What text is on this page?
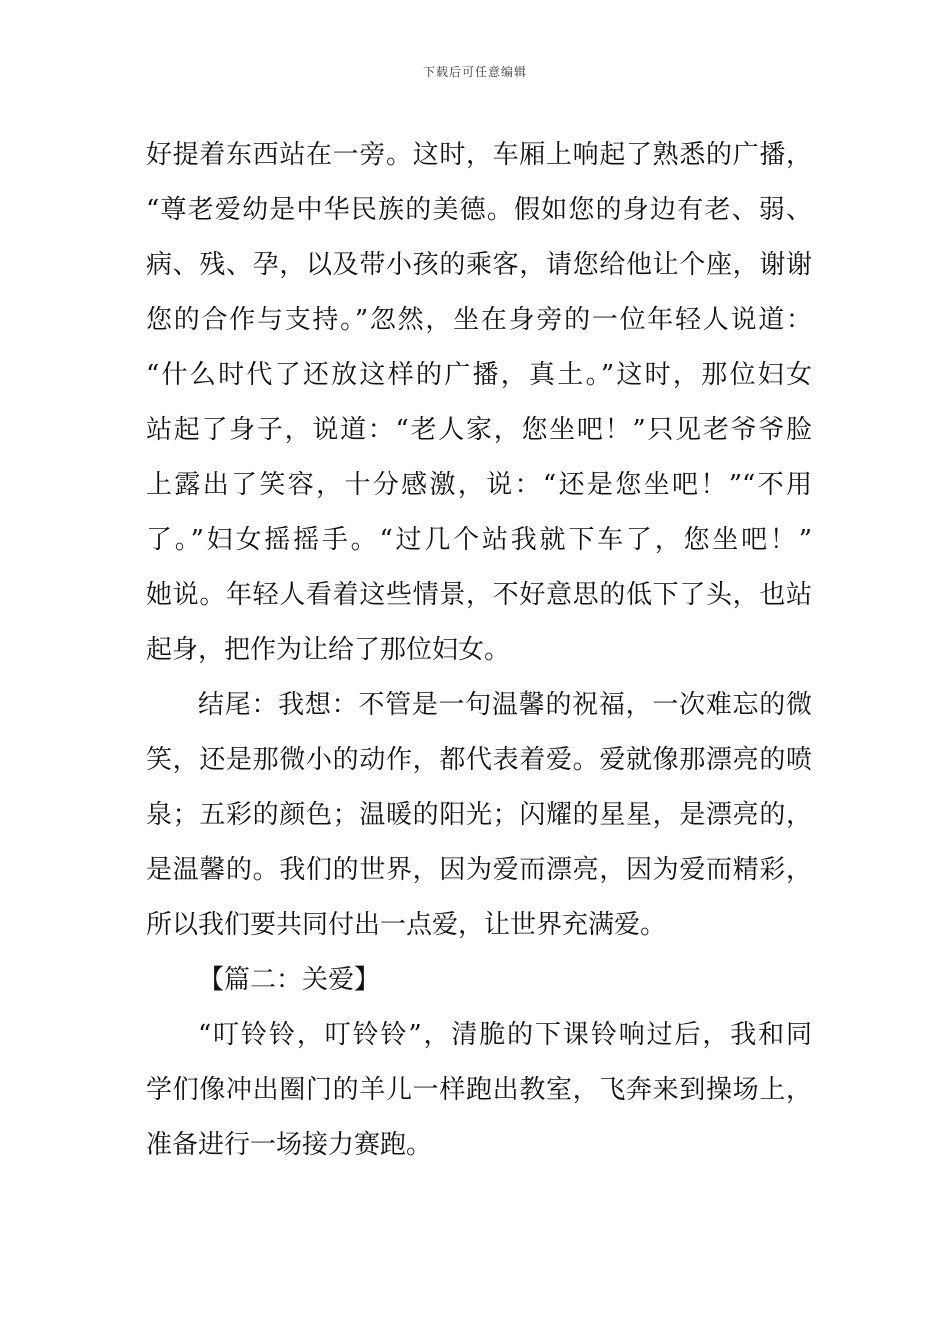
下载后可任意编辑
好提着东西站在一旁。这时，车厢上响起了熟悉的广播，
“尊老爱幼是中华民族的美德。假如您的身边有老、弱、
病、残、孕，以及带小孩的乘客，请您给他让个座，谢谢
您的合作与支持。”忽然，坐在身旁的一位年轻人说道：
“什么时代了还放这样的广播，真土。”这时，那位妇女
站起了身子，说道：“老人家，您坐吧！”只见老爷爷脸
上露出了笑容，十分感激，说：“还是您坐吧！”“不用
了。”妇女摇摇手。“过几个站我就下车了，您坐吧！”
她说。年轻人看着这些情景，不好意思的低下了头，也站
起身，把作为让给了那位妇女。
结尾：我想：不管是一句温馨的祝福，一次难忘的微
笑，还是那微小的动作，都代表着爱。爱就像那漂亮的喷
泉；五彩的颜色；温暖的阳光；闪耀的星星，是漂亮的，
是温馨的。我们的世界，因为爱而漂亮，因为爱而精彩，
所以我们要共同付出一点爱，让世界充满爱。
【篇二：关爱】
“叮铃铃，叮铃铃”，清脆的下课铃响过后，我和同
学们像冲出圈门的羊儿一样跑出教室，飞奔来到操场上，
准备进行一场接力赛跑。
